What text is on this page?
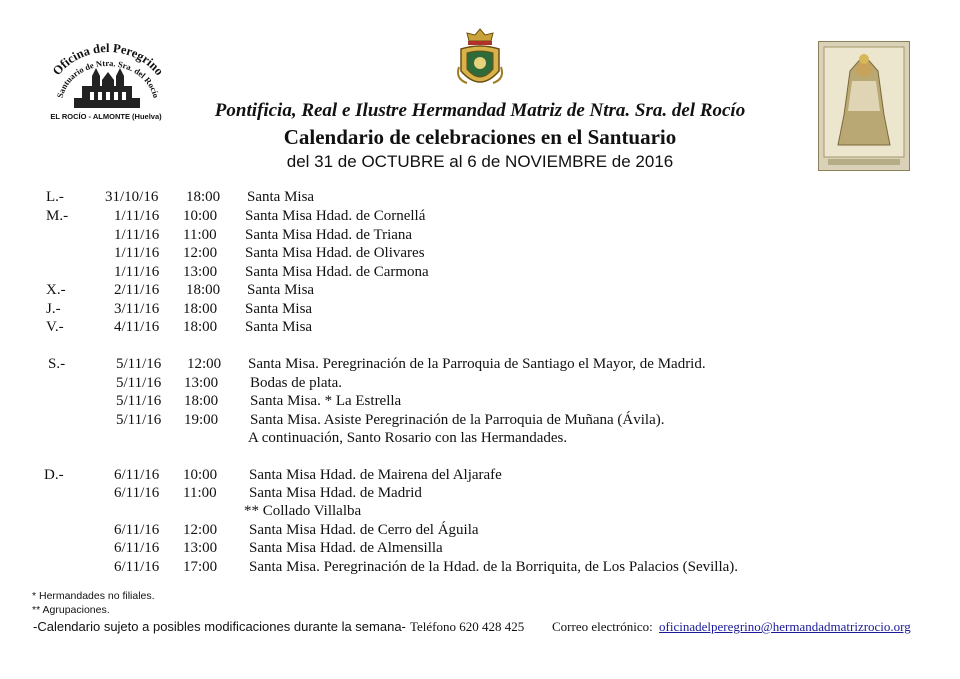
Oficina del Peregrino
Santuario de Ntra. Sra. del Rocío
EL ROCÍO - ALMONTE (Huelva)	Pontificia, Real e Ilustre Hermandad Matriz de Ntra. Sra. del Rocío
Calendario de celebraciones en el Santuario
del 31 de OCTUBRE al 6 de NOVIEMBRE de 2016
L.-	31/10/16 18:00 Santa Misa
M.-	1/11/16 10:00 Santa Misa Hdad. de Cornellá
1/11/16 11:00 Santa Misa Hdad. de Triana
1/11/16 12:00 Santa Misa Hdad. de Olivares
1/11/16 13:00 Santa Misa Hdad. de Carmona
X.-	2/11/16 18:00 Santa Misa
J.-	3/11/16 18:00 Santa Misa
V.-	4/11/16 18:00 Santa Misa
S.-	5/11/16 12:00 Santa Misa. Peregrinación de la Parroquia de Santiago el Mayor, de Madrid.
5/11/16 13:00 Bodas de plata.
5/11/16 18:00 Santa Misa. * La Estrella
5/11/16 19:00 Santa Misa. Asiste Peregrinación de la Parroquia de Muñana (Ávila).
A continuación, Santo Rosario con las Hermandades.
D.-	6/11/16 10:00 Santa Misa Hdad. de Mairena del Aljarafe
6/11/16 11:00 Santa Misa Hdad. de Madrid
** Collado Villalba
6/11/16 12:00 Santa Misa Hdad. de Cerro del Águila
6/11/16 13:00 Santa Misa Hdad. de Almensilla
6/11/16 17:00 Santa Misa. Peregrinación de la Hdad. de la Borriquita, de Los Palacios (Sevilla).
* Hermandades no filiales.
** Agrupaciones.
-Calendario sujeto a posibles modificaciones durante la semana- Teléfono 620 428 425 Correo electrónico: oficinadelperegrino@hermandadmatrizrocio.org
